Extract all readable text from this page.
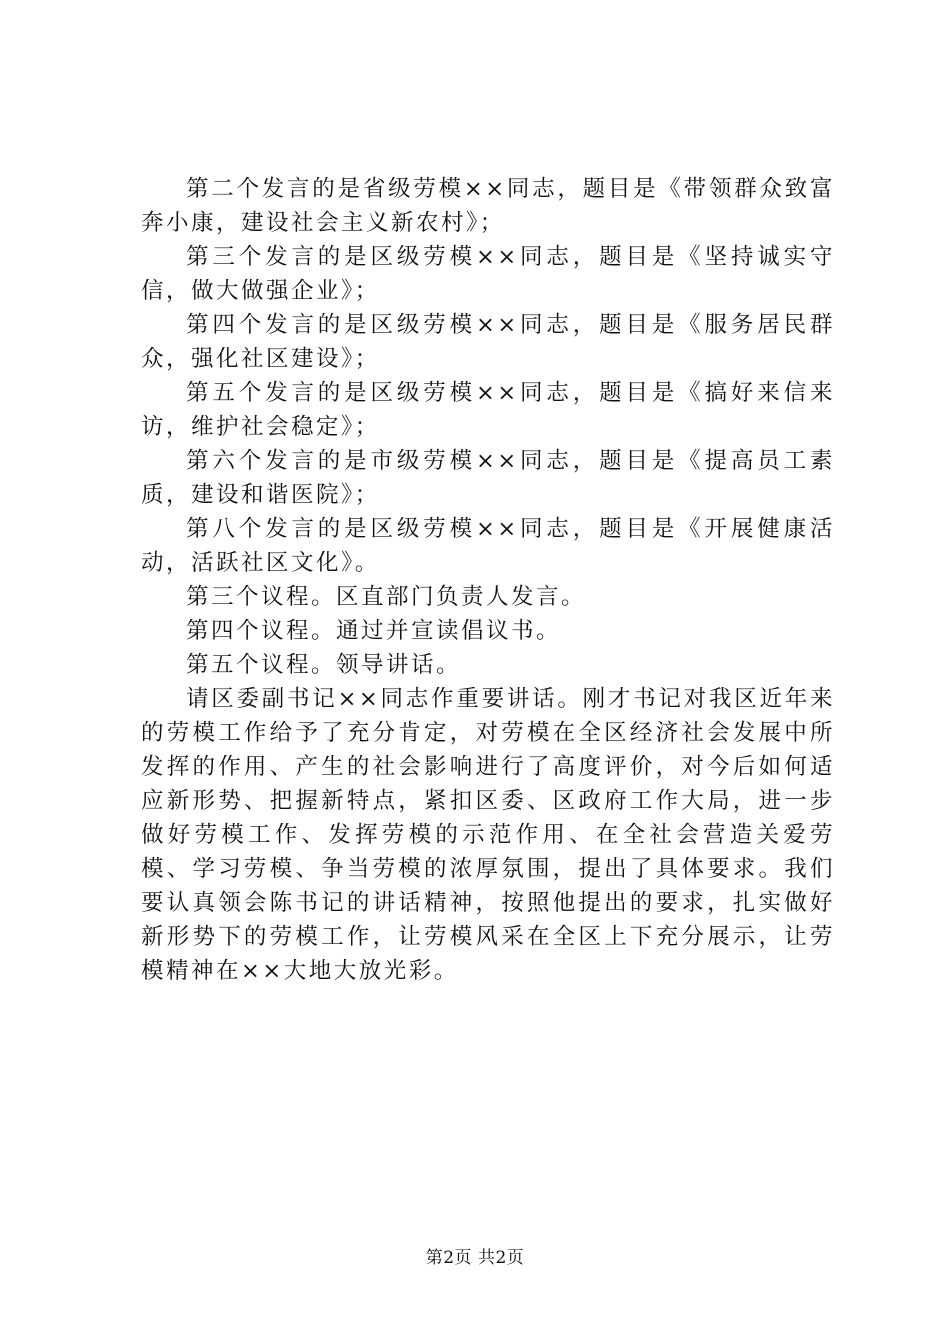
第二个发言的是省级劳模××同志，题目是《带领群众致富奔小康，建设社会主义新农村》；

第三个发言的是区级劳模××同志，题目是《坚持诚实守信，做大做强企业》；

第四个发言的是区级劳模××同志，题目是《服务居民群众，强化社区建设》；

第五个发言的是区级劳模××同志，题目是《搞好来信来访，维护社会稳定》；

第六个发言的是市级劳模××同志，题目是《提高员工素质，建设和谐医院》；

第八个发言的是区级劳模××同志，题目是《开展健康活动，活跃社区文化》。

第三个议程。区直部门负责人发言。

第四个议程。通过并宣读倡议书。

第五个议程。领导讲话。

请区委副书记××同志作重要讲话。刚才书记对我区近年来的劳模工作给予了充分肯定，对劳模在全区经济社会发展中所发挥的作用、产生的社会影响进行了高度评价，对今后如何适应新形势、把握新特点，紧扣区委、区政府工作大局，进一步做好劳模工作、发挥劳模的示范作用、在全社会营造关爱劳模、学习劳模、争当劳模的浓厚氛围，提出了具体要求。我们要认真领会陈书记的讲话精神，按照他提出的要求，扎实做好新形势下的劳模工作，让劳模风采在全区上下充分展示，让劳模精神在××大地大放光彩。

第2页 共2页
